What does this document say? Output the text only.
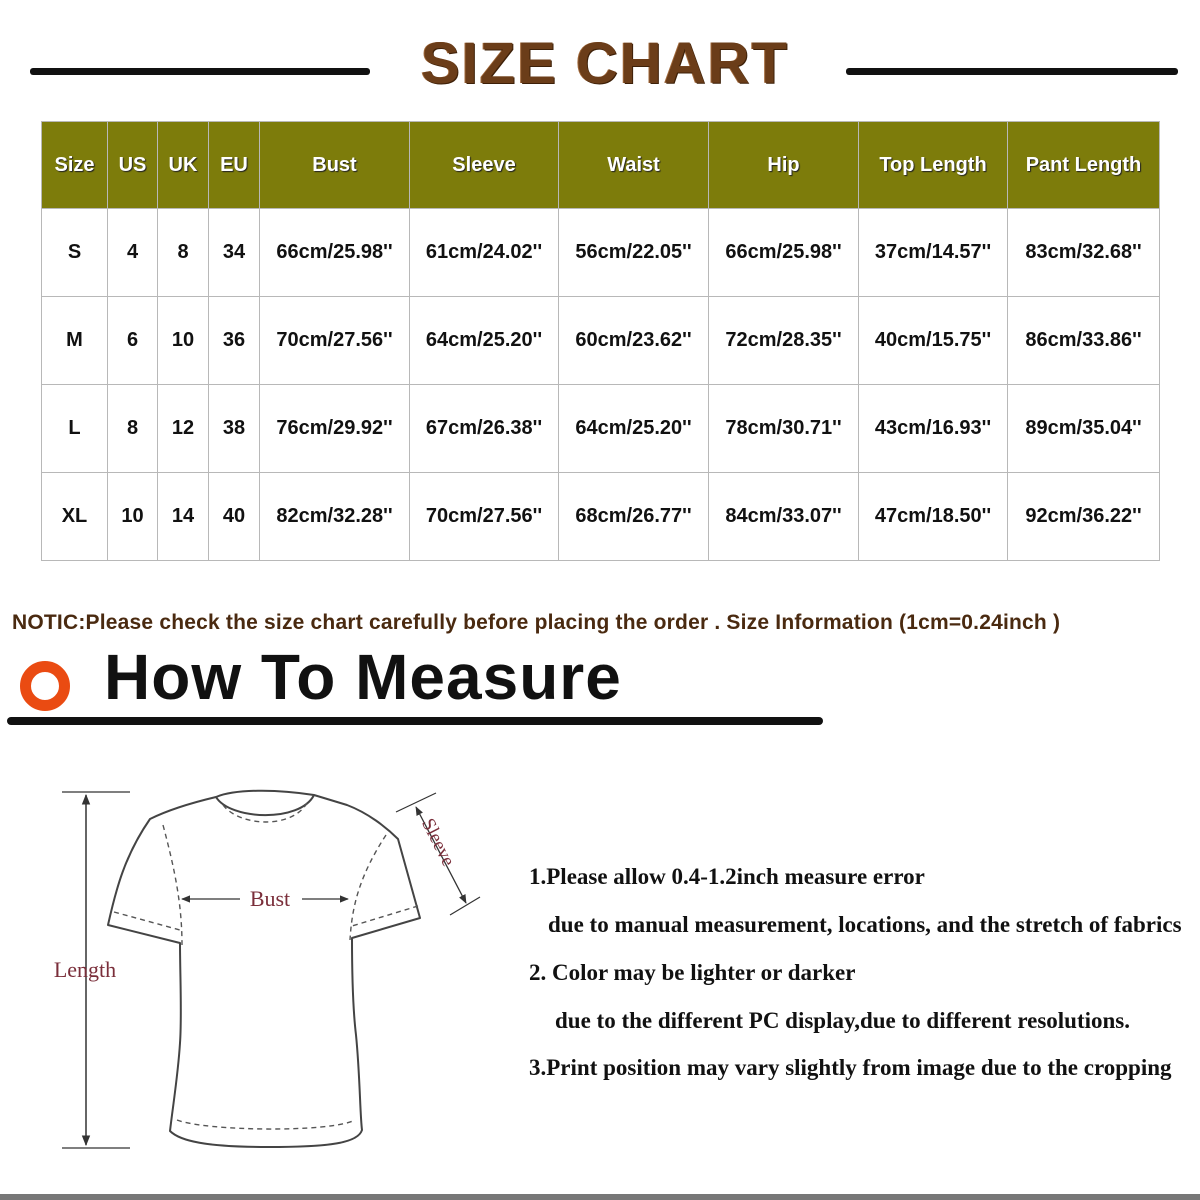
SIZE CHART
Size	US	UK	EU	Bust	Sleeve	Waist	Hip	Top Length	Pant Length
S	4	8	34	66cm/25.98''	61cm/24.02''	56cm/22.05''	66cm/25.98''	37cm/14.57''	83cm/32.68''
M	6	10	36	70cm/27.56''	64cm/25.20''	60cm/23.62''	72cm/28.35''	40cm/15.75''	86cm/33.86''
L	8	12	38	76cm/29.92''	67cm/26.38''	64cm/25.20''	78cm/30.71''	43cm/16.93''	89cm/35.04''
XL	10	14	40	82cm/32.28''	70cm/27.56''	68cm/26.77''	84cm/33.07''	47cm/18.50''	92cm/36.22''
NOTIC:Please check the size chart carefully before placing the order . Size Information (1cm=0.24inch )
How To Measure
Length
Bust
Sleeve
1.Please allow 0.4-1.2inch measure error
due to manual measurement, locations, and the stretch of fabrics
2. Color may be lighter or darker
due to the different PC display,due to different resolutions.
3.Print position may vary slightly from image due to the cropping
